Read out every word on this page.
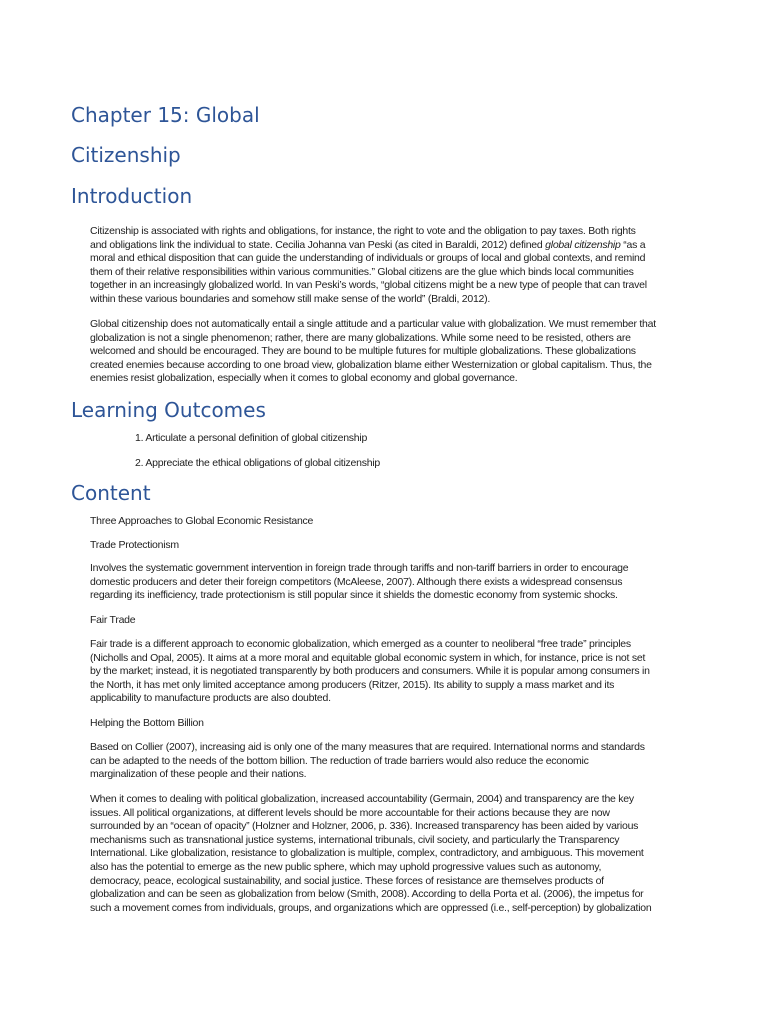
Chapter 15: Global
Citizenship
Introduction

Citizenship is associated with rights and obligations, for instance, the right to vote and the obligation to pay taxes. Both rights
and obligations link the individual to state. Cecilia Johanna van Peski (as cited in Baraldi, 2012) defined global citizenship “as a
moral and ethical disposition that can guide the understanding of individuals or groups of local and global contexts, and remind
them of their relative responsibilities within various communities.” Global citizens are the glue which binds local communities
together in an increasingly globalized world. In van Peski’s words, “global citizens might be a new type of people that can travel
within these various boundaries and somehow still make sense of the world” (Braldi, 2012).

Global citizenship does not automatically entail a single attitude and a particular value with globalization. We must remember that
globalization is not a single phenomenon; rather, there are many globalizations. While some need to be resisted, others are
welcomed and should be encouraged. They are bound to be multiple futures for multiple globalizations. These globalizations
created enemies because according to one broad view, globalization blame either Westernization or global capitalism. Thus, the
enemies resist globalization, especially when it comes to global economy and global governance.

Learning Outcomes

1. Articulate a personal definition of global citizenship

2. Appreciate the ethical obligations of global citizenship

Content

Three Approaches to Global Economic Resistance

Trade Protectionism

Involves the systematic government intervention in foreign trade through tariffs and non-tariff barriers in order to encourage
domestic producers and deter their foreign competitors (McAleese, 2007). Although there exists a widespread consensus
regarding its inefficiency, trade protectionism is still popular since it shields the domestic economy from systemic shocks.

Fair Trade

Fair trade is a different approach to economic globalization, which emerged as a counter to neoliberal “free trade” principles
(Nicholls and Opal, 2005). It aims at a more moral and equitable global economic system in which, for instance, price is not set
by the market; instead, it is negotiated transparently by both producers and consumers. While it is popular among consumers in
the North, it has met only limited acceptance among producers (Ritzer, 2015). Its ability to supply a mass market and its
applicability to manufacture products are also doubted.

Helping the Bottom Billion

Based on Collier (2007), increasing aid is only one of the many measures that are required. International norms and standards
can be adapted to the needs of the bottom billion. The reduction of trade barriers would also reduce the economic
marginalization of these people and their nations.

When it comes to dealing with political globalization, increased accountability (Germain, 2004) and transparency are the key
issues. All political organizations, at different levels should be more accountable for their actions because they are now
surrounded by an “ocean of opacity” (Holzner and Holzner, 2006, p. 336). Increased transparency has been aided by various
mechanisms such as transnational justice systems, international tribunals, civil society, and particularly the Transparency
International. Like globalization, resistance to globalization is multiple, complex, contradictory, and ambiguous. This movement
also has the potential to emerge as the new public sphere, which may uphold progressive values such as autonomy,
democracy, peace, ecological sustainability, and social justice. These forces of resistance are themselves products of
globalization and can be seen as globalization from below (Smith, 2008). According to della Porta et al. (2006), the impetus for
such a movement comes from individuals, groups, and organizations which are oppressed (i.e., self-perception) by globalization
